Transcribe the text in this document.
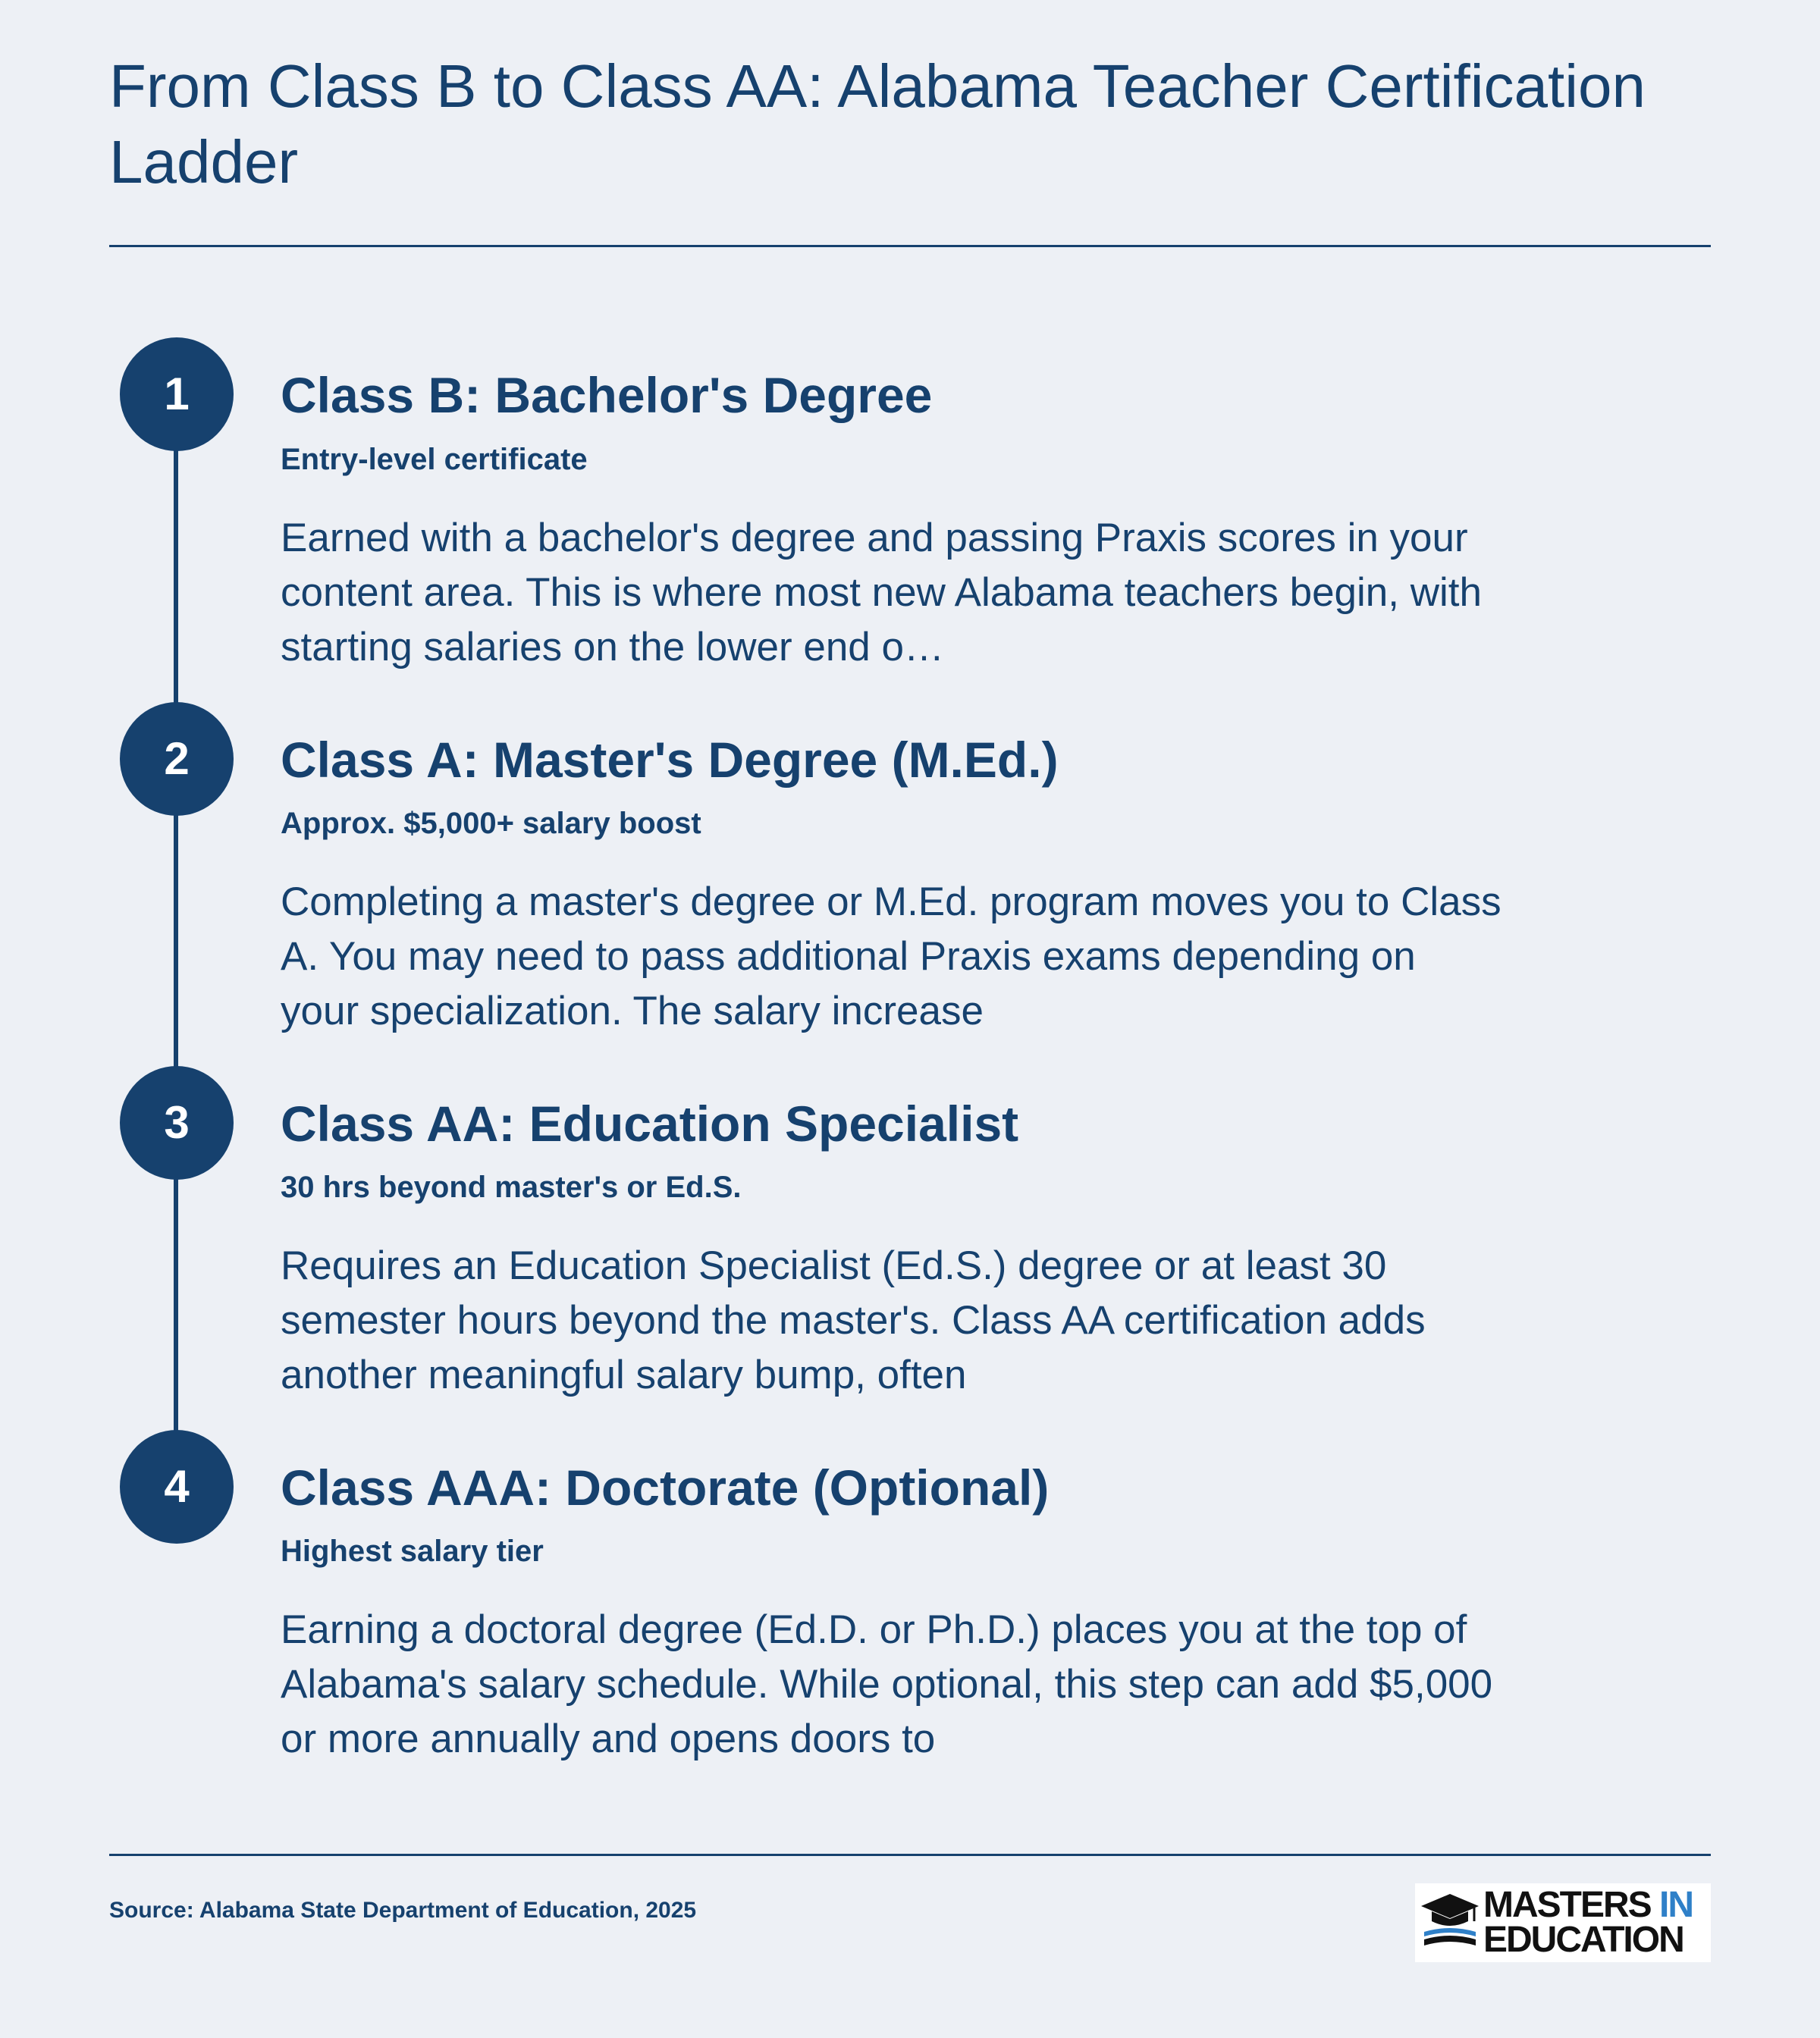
From Class B to Class AA: Alabama Teacher Certification Ladder
1	Class B: Bachelor's Degree
Entry-level certificate
Earned with a bachelor's degree and passing Praxis scores in your content area. This is where most new Alabama teachers begin, with starting salaries on the lower end o…
2	Class A: Master's Degree (M.Ed.)
Approx. $5,000+ salary boost
Completing a master's degree or M.Ed. program moves you to Class A. You may need to pass additional Praxis exams depending on your specialization. The salary increase
3	Class AA: Education Specialist
30 hrs beyond master's or Ed.S.
Requires an Education Specialist (Ed.S.) degree or at least 30 semester hours beyond the master's. Class AA certification adds another meaningful salary bump, often
4	Class AAA: Doctorate (Optional)
Highest salary tier
Earning a doctoral degree (Ed.D. or Ph.D.) places you at the top of Alabama's salary schedule. While optional, this step can add $5,000 or more annually and opens doors to
Source: Alabama State Department of Education, 2025	MASTERS IN
EDUCATION
